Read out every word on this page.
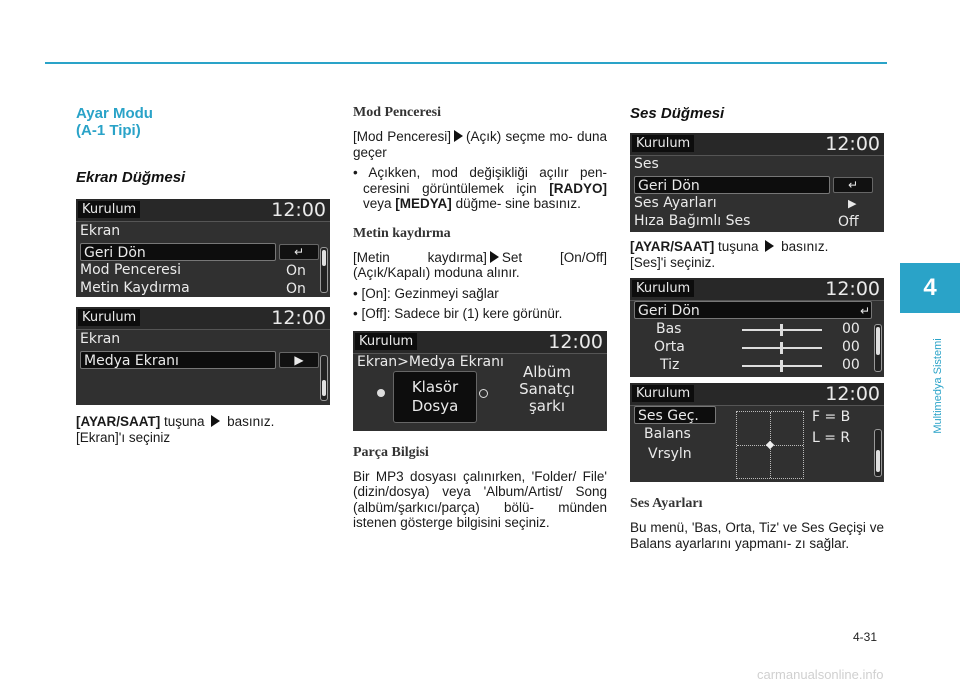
4
Multimedya Sistemi
4-31
carmanualsonline.info
Ayar Modu
(A-1 Tipi)
Ekran Düğmesi
Kurulum	12:00
Ekran
Geri Dön	↵
Mod Penceresi	On
Metin Kaydırma	On
Kurulum	12:00
Ekran
Medya Ekranı	▶

[AYAR/SAAT] tuşuna basınız.
[Ekran]'ı seçiniz

Mod Penceresi

[Mod Penceresi] (Açık) seçme mo- duna geçer

• Açıkken, mod değişikliği açılır pen- ceresini görüntülemek için [RADYO] veya [MEDYA] düğme- sine basınız.
Metin kaydırma

[Metin kaydırma] Set [On/Off] (Açık/Kapalı) moduna alınır.

• [On]: Gezinmeyi sağlar
• [Off]: Sadece bir (1) kere görünür.
Kurulum	12:00
Ekran>Medya Ekranı
Klasör
Dosya
Albüm
Sanatçı
şarkı
Parça Bilgisi

Bir MP3 dosyası çalınırken, 'Folder/ File' (dizin/dosya) veya 'Album/Artist/ Song (albüm/şarkıcı/parça) bölü- münden istenen gösterge bilgisini seçiniz.

Ses Düğmesi
Kurulum	12:00
Ses
Geri Dön	↵
Ses Ayarları	▶
Hıza Bağımlı Ses	Off

[AYAR/SAAT] tuşuna basınız.
[Ses]'i seçiniz.

Kurulum	12:00
Geri Dön	↵
Bas	00
Orta	00
Tiz	00
Kurulum	12:00
Ses Geç.
Balans
Vrsyln
F = B
L = R
Ses Ayarları

Bu menü, 'Bas, Orta, Tiz' ve Ses Geçişi ve Balans ayarlarını yapmanı- zı sağlar.
